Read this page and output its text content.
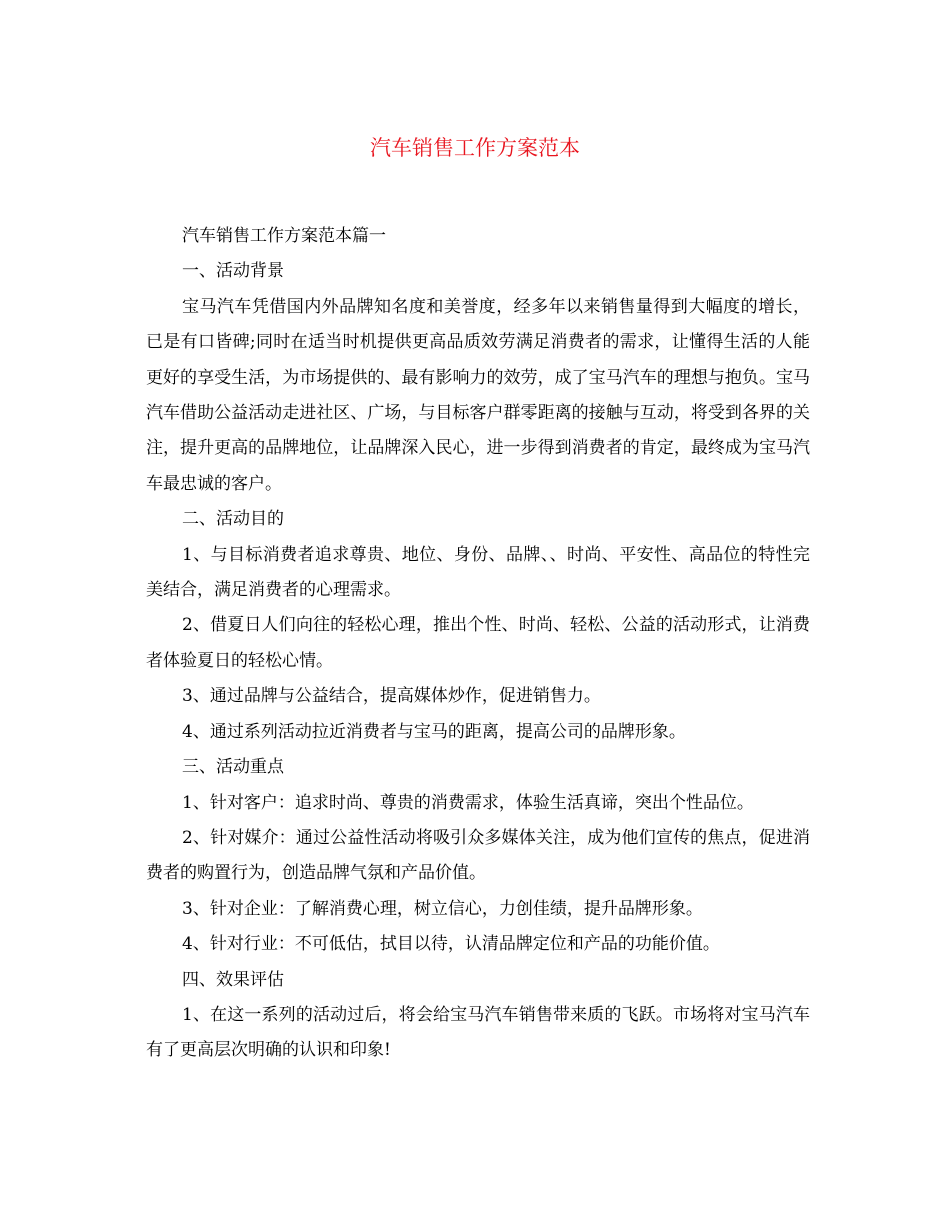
汽车销售工作方案范本

汽车销售工作方案范本篇一

一、活动背景

宝马汽车凭借国内外品牌知名度和美誉度，经多年以来销售量得到大幅度的增长，已是有口皆碑;同时在适当时机提供更高品质效劳满足消费者的需求，让懂得生活的人能更好的享受生活，为市场提供的、最有影响力的效劳，成了宝马汽车的理想与抱负。宝马汽车借助公益活动走进社区、广场，与目标客户群零距离的接触与互动，将受到各界的关注，提升更高的品牌地位，让品牌深入民心，进一步得到消费者的肯定，最终成为宝马汽车最忠诚的客户。

二、活动目的

1、与目标消费者追求尊贵、地位、身份、品牌、、时尚、平安性、高品位的特性完美结合，满足消费者的心理需求。

2、借夏日人们向往的轻松心理，推出个性、时尚、轻松、公益的活动形式，让消费者体验夏日的轻松心情。

3、通过品牌与公益结合，提高媒体炒作，促进销售力。

4、通过系列活动拉近消费者与宝马的距离，提高公司的品牌形象。

三、活动重点

1、针对客户：追求时尚、尊贵的消费需求，体验生活真谛，突出个性品位。

2、针对媒介：通过公益性活动将吸引众多媒体关注，成为他们宣传的焦点，促进消费者的购置行为，创造品牌气氛和产品价值。

3、针对企业：了解消费心理，树立信心，力创佳绩，提升品牌形象。

4、针对行业：不可低估，拭目以待，认清品牌定位和产品的功能价值。

四、效果评估

1、在这一系列的活动过后，将会给宝马汽车销售带来质的飞跃。市场将对宝马汽车有了更高层次明确的认识和印象!
